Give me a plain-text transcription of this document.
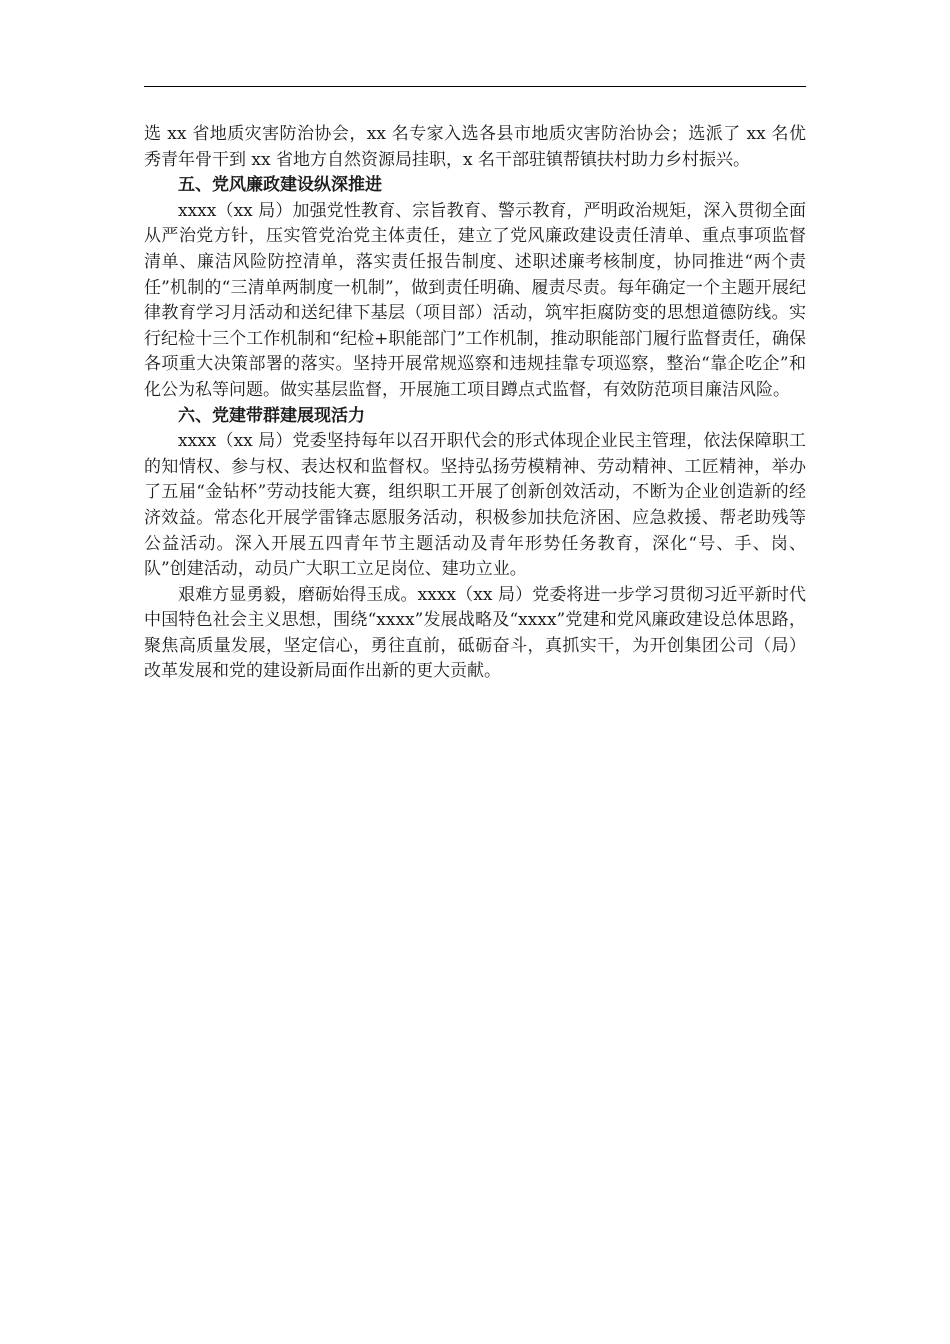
选 xx 省地质灾害防治协会，xx 名专家入选各县市地质灾害防治协会；选派了 xx 名优秀青年骨干到 xx 省地方自然资源局挂职，x 名干部驻镇帮镇扶村助力乡村振兴。

五、党风廉政建设纵深推进

xxxx（xx 局）加强党性教育、宗旨教育、警示教育，严明政治规矩，深入贯彻全面从严治党方针，压实管党治党主体责任，建立了党风廉政建设责任清单、重点事项监督清单、廉洁风险防控清单，落实责任报告制度、述职述廉考核制度，协同推进“两个责任”机制的“三清单两制度一机制”，做到责任明确、履责尽责。每年确定一个主题开展纪律教育学习月活动和送纪律下基层（项目部）活动，筑牢拒腐防变的思想道德防线。实行纪检十三个工作机制和“纪检+职能部门”工作机制，推动职能部门履行监督责任，确保各项重大决策部署的落实。坚持开展常规巡察和违规挂靠专项巡察，整治“靠企吃企”和化公为私等问题。做实基层监督，开展施工项目蹲点式监督，有效防范项目廉洁风险。

六、党建带群建展现活力

xxxx（xx 局）党委坚持每年以召开职代会的形式体现企业民主管理，依法保障职工的知情权、参与权、表达权和监督权。坚持弘扬劳模精神、劳动精神、工匠精神，举办了五届“金钻杯”劳动技能大赛，组织职工开展了创新创效活动，不断为企业创造新的经济效益。常态化开展学雷锋志愿服务活动，积极参加扶危济困、应急救援、帮老助残等公益活动。深入开展五四青年节主题活动及青年形势任务教育，深化“号、手、岗、队”创建活动，动员广大职工立足岗位、建功立业。

艰难方显勇毅，磨砺始得玉成。xxxx（xx 局）党委将进一步学习贯彻习近平新时代中国特色社会主义思想，围绕“xxxx”发展战略及“xxxx”党建和党风廉政建设总体思路，聚焦高质量发展，坚定信心，勇往直前，砥砺奋斗，真抓实干，为开创集团公司（局）改革发展和党的建设新局面作出新的更大贡献。
